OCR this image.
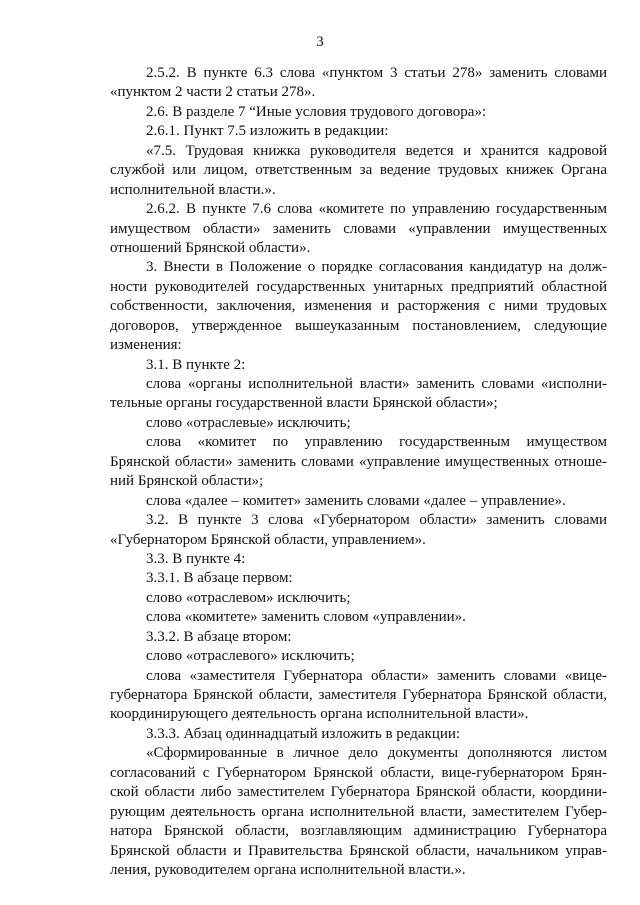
3
2.5.2. В пункте 6.3 слова «пунктом 3 статьи 278» заменить словами
«пунктом 2 части 2 статьи 278».
2.6. В разделе 7 “Иные условия трудового договора»:
2.6.1. Пункт 7.5 изложить в редакции:
«7.5. Трудовая книжка руководителя ведется и хранится кадровой
службой или лицом, ответственным за ведение трудовых книжек Органа
исполнительной власти.».
2.6.2. В пункте 7.6 слова «комитете по управлению государственным
имуществом области» заменить словами «управлении имущественных
отношений Брянской области».
3. Внести в Положение о порядке согласования кандидатур на долж-
ности руководителей государственных унитарных предприятий областной
собственности, заключения, изменения и расторжения с ними трудовых
договоров, утвержденное вышеуказанным постановлением, следующие
изменения:
3.1. В пункте 2:
слова «органы исполнительной власти» заменить словами «исполни-
тельные органы государственной власти Брянской области»;
слово «отраслевые» исключить;
слова «комитет по управлению государственным имуществом
Брянской области» заменить словами «управление имущественных отноше-
ний Брянской области»;
слова «далее – комитет» заменить словами «далее – управление».
3.2. В пункте 3 слова «Губернатором области» заменить словами
«Губернатором Брянской области, управлением».
3.3. В пункте 4:
3.3.1. В абзаце первом:
слово «отраслевом» исключить;
слова «комитете» заменить словом «управлении».
3.3.2. В абзаце втором:
слово «отраслевого» исключить;
слова «заместителя Губернатора области» заменить словами «вице-
губернатора Брянской области, заместителя Губернатора Брянской области,
координирующего деятельность органа исполнительной власти».
3.3.3. Абзац одиннадцатый изложить в редакции:
«Сформированные в личное дело документы дополняются листом
согласований с Губернатором Брянской области, вице-губернатором Брян-
ской области либо заместителем Губернатора Брянской области, координи-
рующим деятельность органа исполнительной власти, заместителем Губер-
натора Брянской области, возглавляющим администрацию Губернатора
Брянской области и Правительства Брянской области, начальником управ-
ления, руководителем органа исполнительной власти.».
